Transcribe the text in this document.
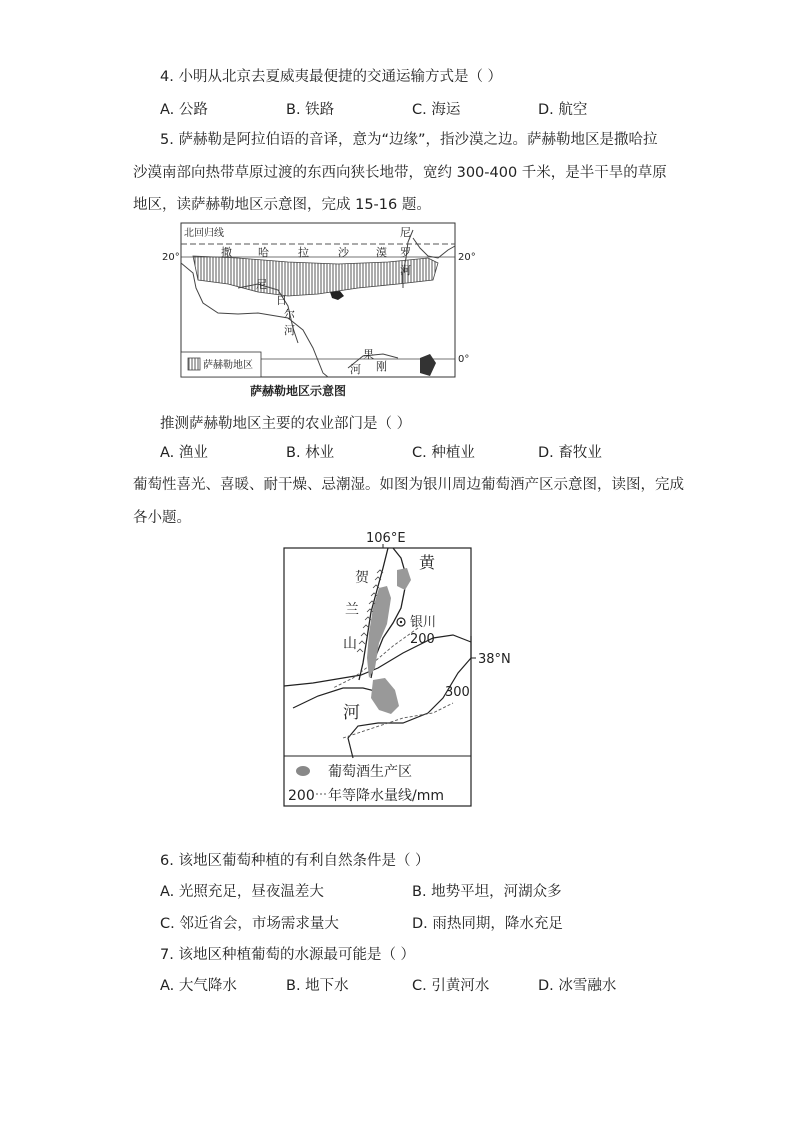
4. 小明从北京去夏威夷最便捷的交通运输方式是（ ）
A. 公路	B. 铁路	C. 海运	D. 航空
5. 萨赫勒是阿拉伯语的音译，意为“边缘”，指沙漠之边。萨赫勒地区是撒哈拉
沙漠南部向热带草原过渡的东西向狭长地带，宽约 300-400 千米，是半干旱的草原
地区，读萨赫勒地区示意图，完成 15-16 题。
北回归线
20°	20°
0°
撒 哈	拉	沙 漠
尼
罗
河
尼
日
尔
河
刚
果
河
萨赫勒地区
萨赫勒地区示意图
推测萨赫勒地区主要的农业部门是（ ）
A. 渔业	B. 林业	C. 种植业	D. 畜牧业
葡萄性喜光、喜暖、耐干燥、忌潮湿。如图为银川周边葡萄酒产区示意图，读图，完成
各小题。
106°E
黄
贺
兰
山
银川
200
300
河
38°N
葡萄酒生产区
200 年等降水量线/mm
6. 该地区葡萄种植的有利自然条件是（ ）
A. 光照充足，昼夜温差大	B. 地势平坦，河湖众多
C. 邻近省会，市场需求量大	D. 雨热同期，降水充足
7. 该地区种植葡萄的水源最可能是（ ）
A. 大气降水	B. 地下水	C. 引黄河水	D. 冰雪融水
